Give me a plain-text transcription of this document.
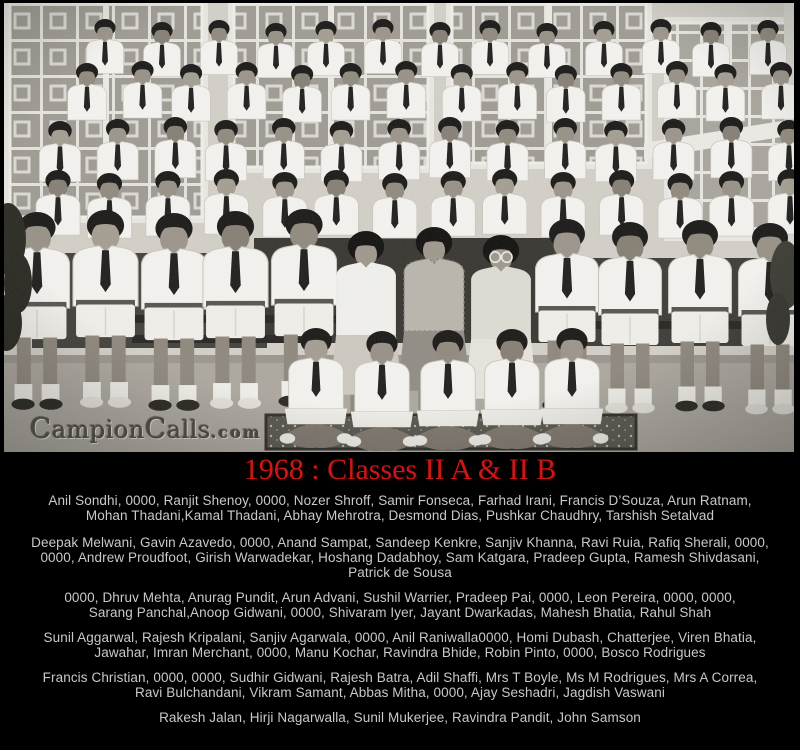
CampionCalls.com
1968 : Classes II A & II B

Anil Sondhi, 0000, Ranjit Shenoy, 0000, Nozer Shroff, Samir Fonseca, Farhad Irani, Francis D’Souza, Arun Ratnam,
Mohan Thadani,Kamal Thadani, Abhay Mehrotra, Desmond Dias, Pushkar Chaudhry, Tarshish Setalvad

Deepak Melwani, Gavin Azavedo, 0000, Anand Sampat, Sandeep Kenkre, Sanjiv Khanna, Ravi Ruia, Rafiq Sherali, 0000,
0000, Andrew Proudfoot, Girish Warwadekar, Hoshang Dadabhoy, Sam Katgara, Pradeep Gupta, Ramesh Shivdasani,
Patrick de Sousa

0000, Dhruv Mehta, Anurag Pundit, Arun Advani, Sushil Warrier, Pradeep Pai, 0000, Leon Pereira, 0000, 0000,
Sarang Panchal,Anoop Gidwani, 0000, Shivaram Iyer, Jayant Dwarkadas, Mahesh Bhatia, Rahul Shah

Sunil Aggarwal, Rajesh Kripalani, Sanjiv Agarwala, 0000, Anil Raniwalla0000, Homi Dubash, Chatterjee, Viren Bhatia,
Jawahar, Imran Merchant, 0000, Manu Kochar, Ravindra Bhide, Robin Pinto, 0000, Bosco Rodrigues

Francis Christian, 0000, 0000, Sudhir Gidwani, Rajesh Batra, Adil Shaffi, Mrs T Boyle, Ms M Rodrigues, Mrs A Correa,
Ravi Bulchandani, Vikram Samant, Abbas Mitha, 0000, Ajay Seshadri, Jagdish Vaswani

Rakesh Jalan, Hirji Nagarwalla, Sunil Mukerjee, Ravindra Pandit, John Samson
